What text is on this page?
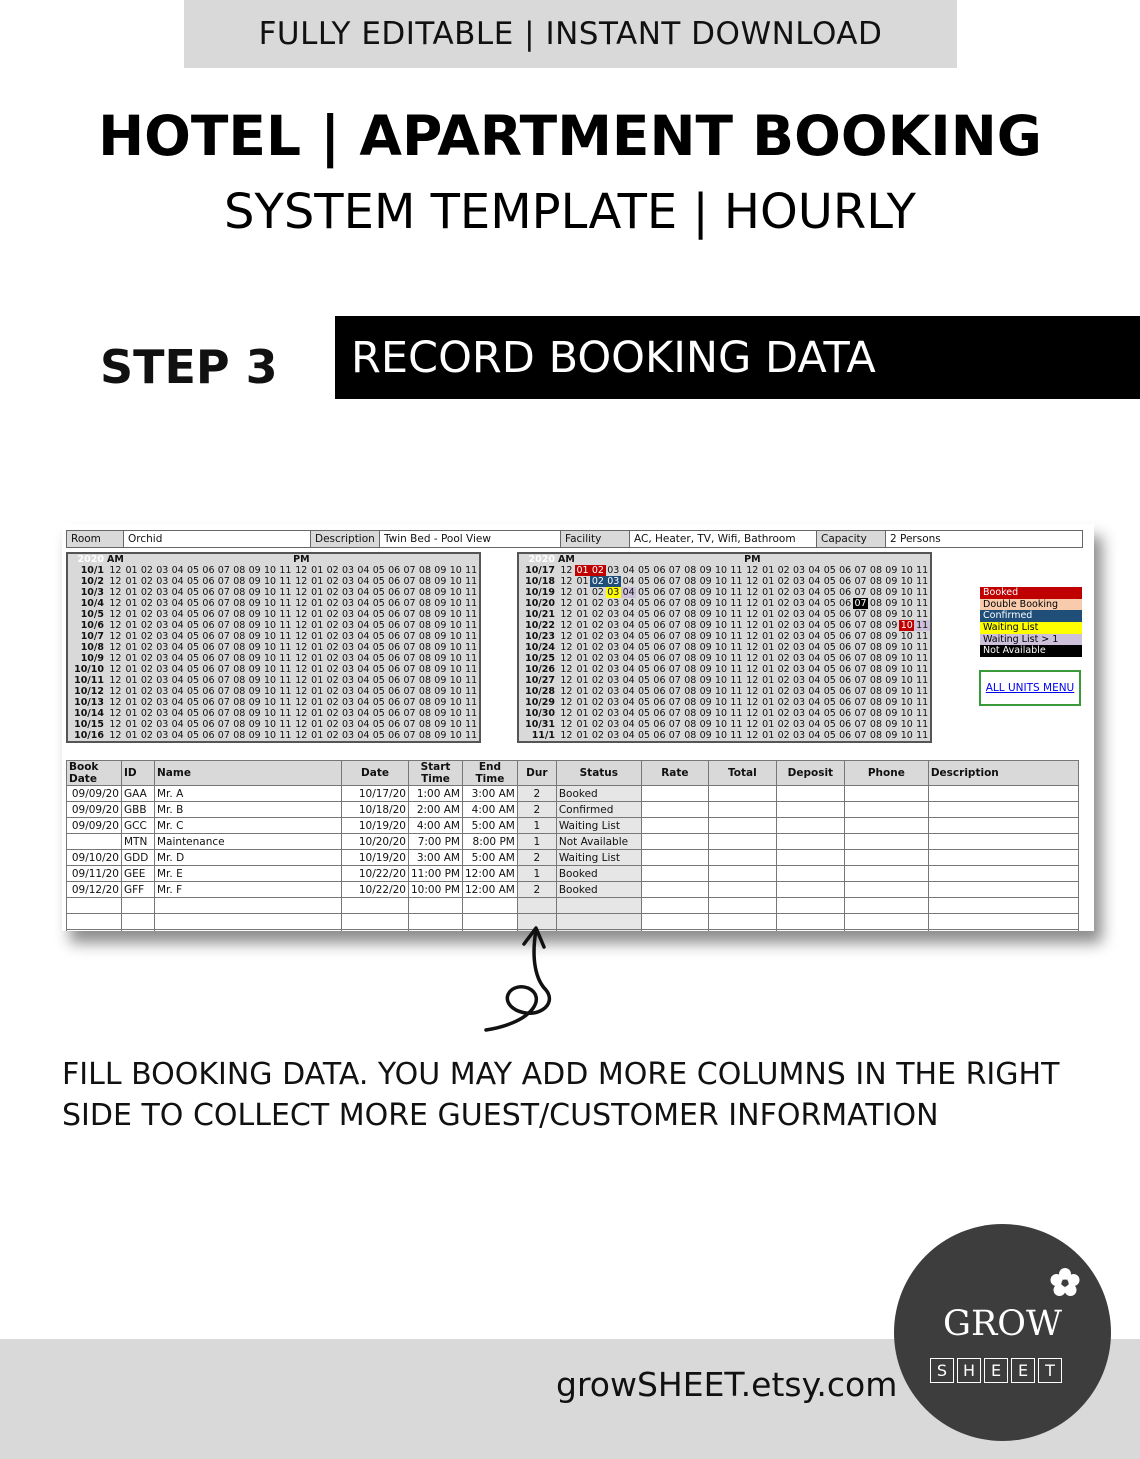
FULLY EDITABLE | INSTANT DOWNLOAD
HOTEL | APARTMENT BOOKING
SYSTEM TEMPLATE | HOURLY
STEP 3 RECORD BOOKING DATA
Room	Orchid	Description Twin Bed - Pool View	Facility	AC, Heater, TV, Wifi, Bathroom	Capacity	2 Persons
2020	AM												PM											
10/1	12	01	02	03	04	05	06	07	08	09	10	11	12	01	02	03	04	05	06	07	08	09	10	11
10/2	12	01	02	03	04	05	06	07	08	09	10	11	12	01	02	03	04	05	06	07	08	09	10	11
10/3	12	01	02	03	04	05	06	07	08	09	10	11	12	01	02	03	04	05	06	07	08	09	10	11
10/4	12	01	02	03	04	05	06	07	08	09	10	11	12	01	02	03	04	05	06	07	08	09	10	11
10/5	12	01	02	03	04	05	06	07	08	09	10	11	12	01	02	03	04	05	06	07	08	09	10	11
10/6	12	01	02	03	04	05	06	07	08	09	10	11	12	01	02	03	04	05	06	07	08	09	10	11
10/7	12	01	02	03	04	05	06	07	08	09	10	11	12	01	02	03	04	05	06	07	08	09	10	11
10/8	12	01	02	03	04	05	06	07	08	09	10	11	12	01	02	03	04	05	06	07	08	09	10	11
10/9	12	01	02	03	04	05	06	07	08	09	10	11	12	01	02	03	04	05	06	07	08	09	10	11
10/10	12	01	02	03	04	05	06	07	08	09	10	11	12	01	02	03	04	05	06	07	08	09	10	11
10/11	12	01	02	03	04	05	06	07	08	09	10	11	12	01	02	03	04	05	06	07	08	09	10	11
10/12	12	01	02	03	04	05	06	07	08	09	10	11	12	01	02	03	04	05	06	07	08	09	10	11
10/13	12	01	02	03	04	05	06	07	08	09	10	11	12	01	02	03	04	05	06	07	08	09	10	11
10/14	12	01	02	03	04	05	06	07	08	09	10	11	12	01	02	03	04	05	06	07	08	09	10	11
10/15	12	01	02	03	04	05	06	07	08	09	10	11	12	01	02	03	04	05	06	07	08	09	10	11
10/16	12	01	02	03	04	05	06	07	08	09	10	11	12	01	02	03	04	05	06	07	08	09	10	11
2020	AM												PM											
10/17	12	01	02	03	04	05	06	07	08	09	10	11	12	01	02	03	04	05	06	07	08	09	10	11
10/18	12	01	02	03	04	05	06	07	08	09	10	11	12	01	02	03	04	05	06	07	08	09	10	11
10/19	12	01	02	03	04	05	06	07	08	09	10	11	12	01	02	03	04	05	06	07	08	09	10	11
10/20	12	01	02	03	04	05	06	07	08	09	10	11	12	01	02	03	04	05	06	07	08	09	10	11
10/21	12	01	02	03	04	05	06	07	08	09	10	11	12	01	02	03	04	05	06	07	08	09	10	11
10/22	12	01	02	03	04	05	06	07	08	09	10	11	12	01	02	03	04	05	06	07	08	09	10	11
10/23	12	01	02	03	04	05	06	07	08	09	10	11	12	01	02	03	04	05	06	07	08	09	10	11
10/24	12	01	02	03	04	05	06	07	08	09	10	11	12	01	02	03	04	05	06	07	08	09	10	11
10/25	12	01	02	03	04	05	06	07	08	09	10	11	12	01	02	03	04	05	06	07	08	09	10	11
10/26	12	01	02	03	04	05	06	07	08	09	10	11	12	01	02	03	04	05	06	07	08	09	10	11
10/27	12	01	02	03	04	05	06	07	08	09	10	11	12	01	02	03	04	05	06	07	08	09	10	11
10/28	12	01	02	03	04	05	06	07	08	09	10	11	12	01	02	03	04	05	06	07	08	09	10	11
10/29	12	01	02	03	04	05	06	07	08	09	10	11	12	01	02	03	04	05	06	07	08	09	10	11
10/30	12	01	02	03	04	05	06	07	08	09	10	11	12	01	02	03	04	05	06	07	08	09	10	11
10/31	12	01	02	03	04	05	06	07	08	09	10	11	12	01	02	03	04	05	06	07	08	09	10	11
11/1	12	01	02	03	04	05	06	07	08	09	10	11	12	01	02	03	04	05	06	07	08	09	10	11
Booked
Double Booking
Confirmed
Waiting List
Waiting List > 1
Not Available
ALL UNITS MENU
Book Date	ID	Name	Date	Start Time	End Time	Dur	Status	Rate	Total	Deposit	Phone	Description
09/09/20	GAA	Mr. A	10/17/20	1:00 AM	3:00 AM	2	Booked					
09/09/20	GBB	Mr. B	10/18/20	2:00 AM	4:00 AM	2	Confirmed					
09/09/20	GCC	Mr. C	10/19/20	4:00 AM	5:00 AM	1	Waiting List					
	MTN	Maintenance	10/20/20	7:00 PM	8:00 PM	1	Not Available					
09/10/20	GDD	Mr. D	10/19/20	3:00 AM	5:00 AM	2	Waiting List					
09/11/20	GEE	Mr. E	10/22/20	11:00 PM	12:00 AM	1	Booked					
09/12/20	GFF	Mr. F	10/22/20	10:00 PM	12:00 AM	2	Booked					

FILL BOOKING DATA. YOU MAY ADD MORE COLUMNS IN THE RIGHT
SIDE TO COLLECT MORE GUEST/CUSTOMER INFORMATION
growSHEET.etsy.com
GROW
S H E	E	T
